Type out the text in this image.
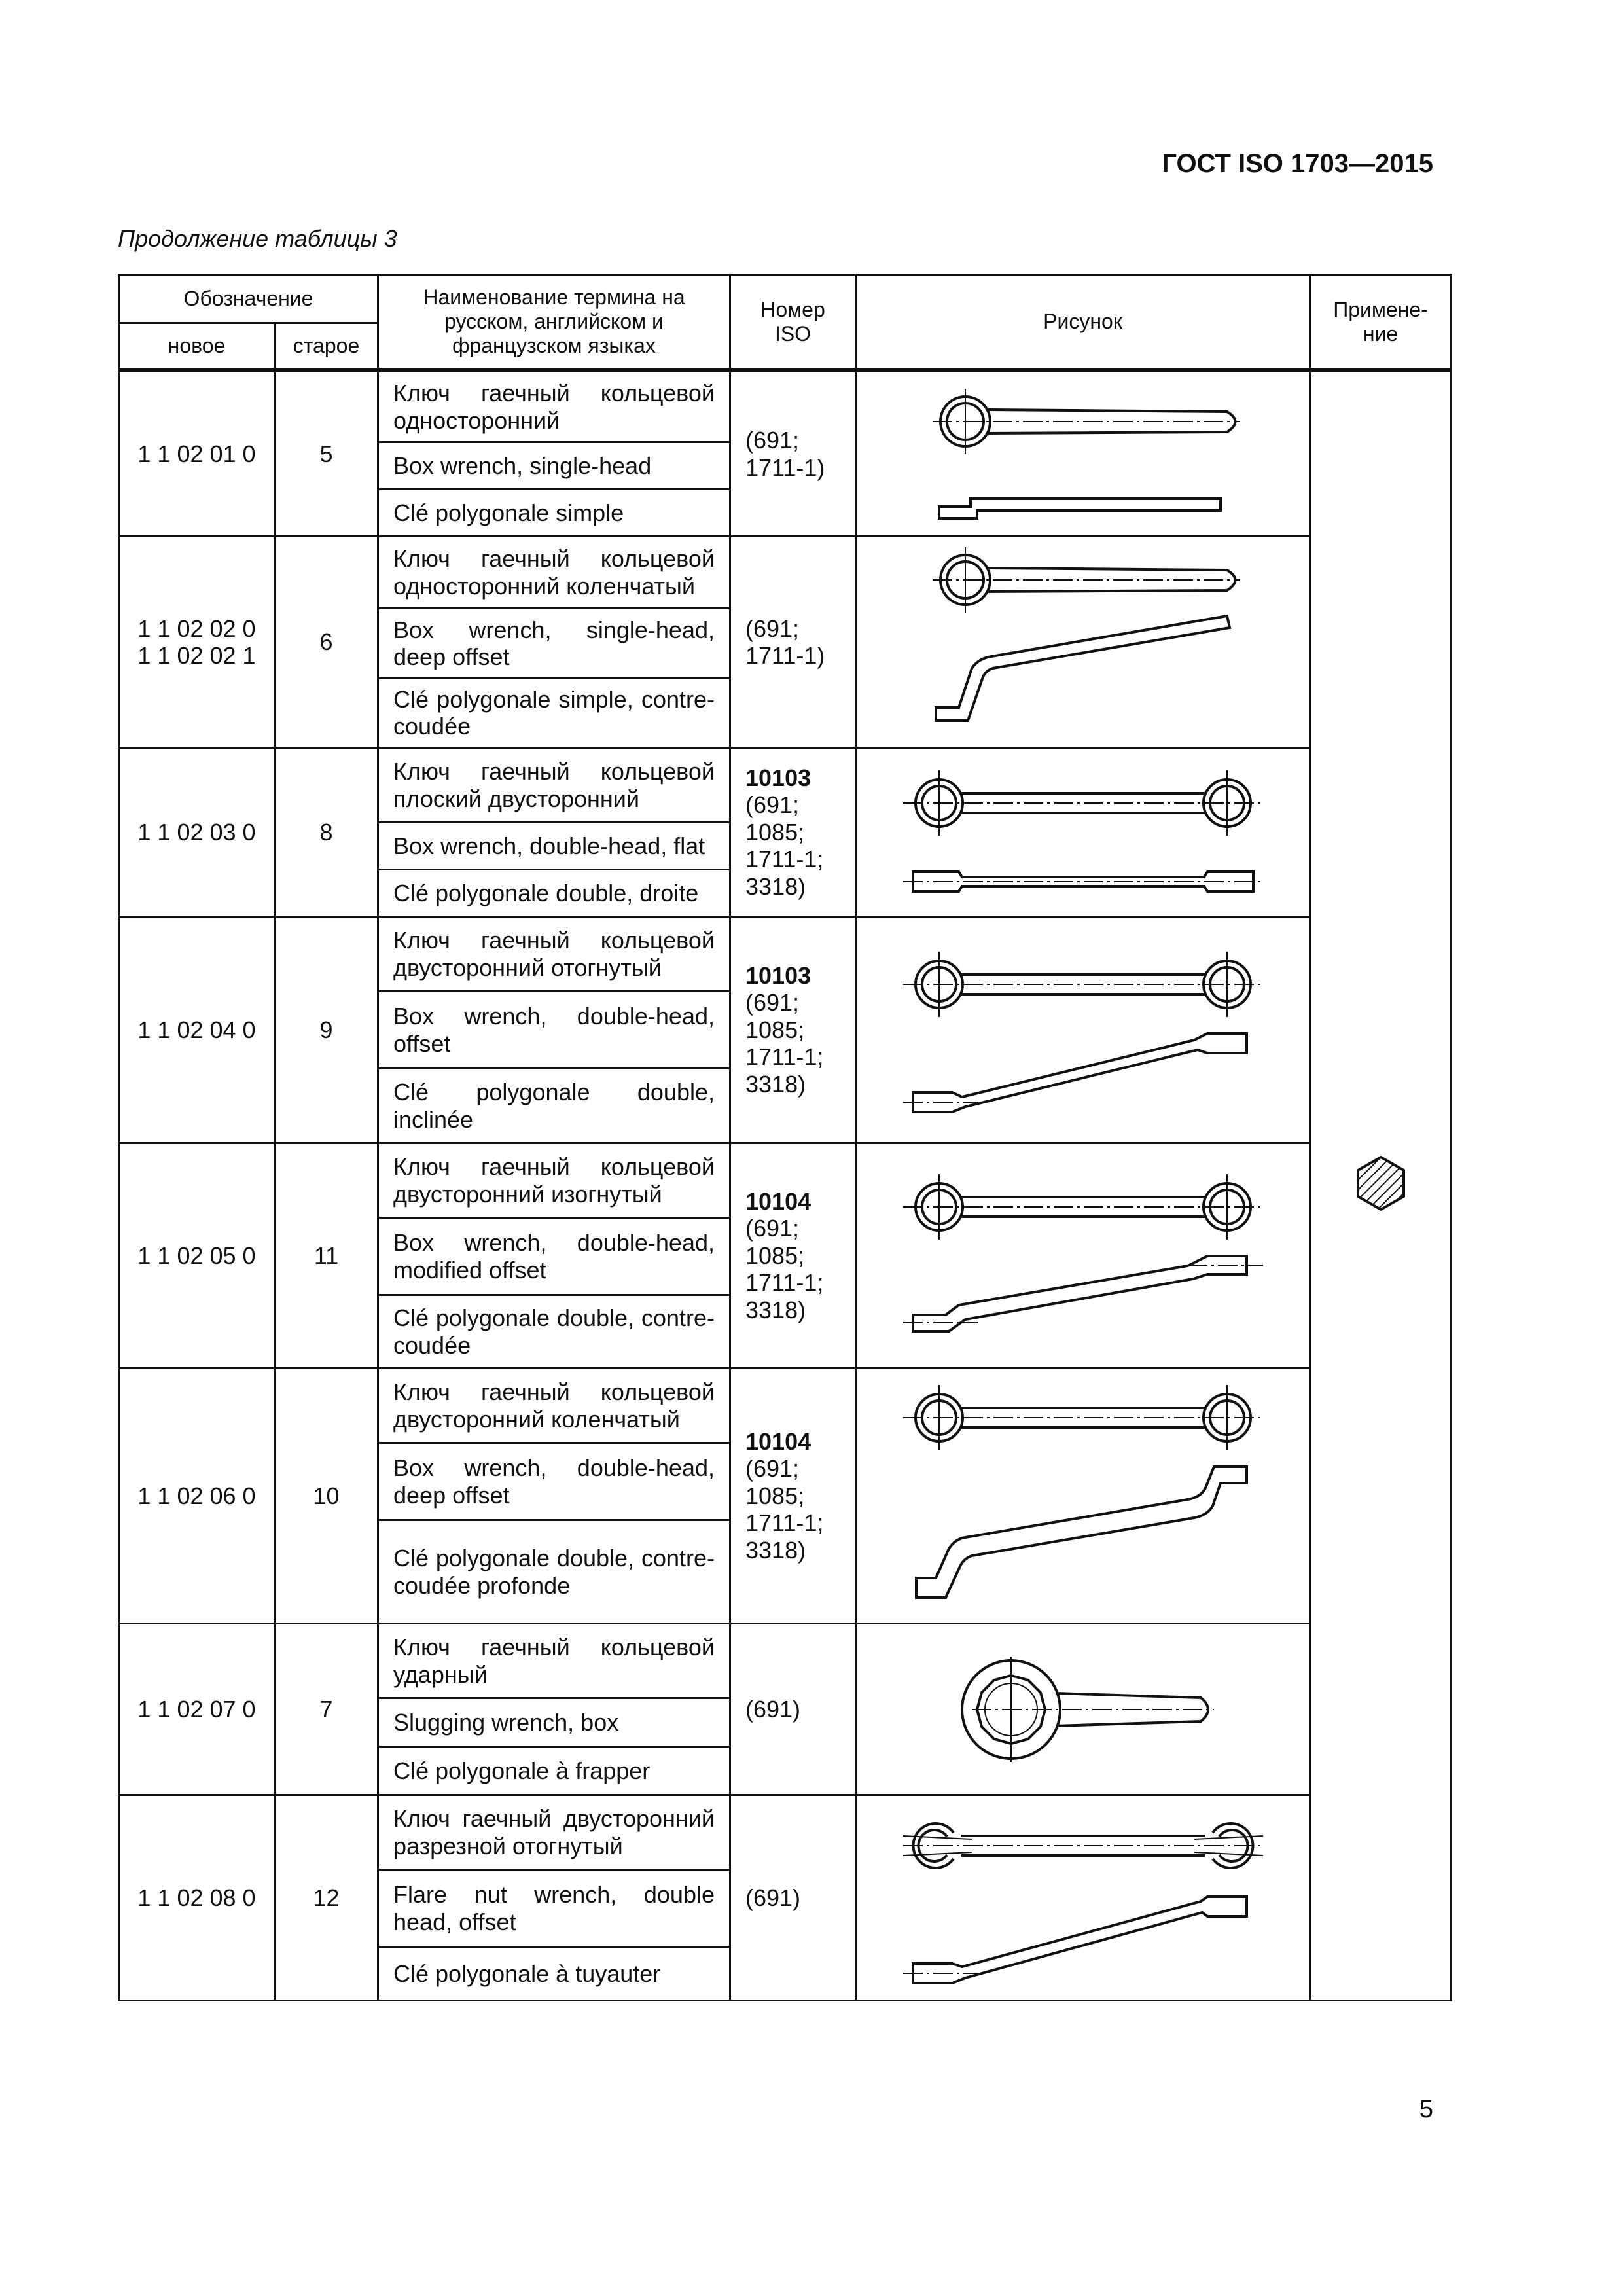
ГОСТ ISO 1703—2015
Продолжение таблицы 3
Обозначение		Наименование термина на русском, английском и французском языках	Номер ISO	Рисунок	Примене-ние
новое	старое				
1 1 02 01 0	5	Ключ гаечный кольцевой односторонний	(691; 1711-1)

		Box wrench, single-head			
		Clé polygonale simple			
1 1 02 02 0
1 1 02 02 1	6	Ключ гаечный кольцевой односторонний коленчатый	(691; 1711-1)

		Box wrench, single-head, deep offset			
		Clé polygonale simple, contre-coudée			
1 1 02 03 0	8	Ключ гаечный кольцевой плоский двусторонний	10103
(691; 1085; 1711-1; 3318)

		Box wrench, double-head, flat			
		Clé polygonale double, droite			
1 1 02 04 0	9	Ключ гаечный кольцевой двусторонний отогнутый	10103
(691; 1085; 1711-1; 3318)

		Box wrench, double-head, offset			
		Clé polygonale double, inclinée			
1 1 02 05 0	11	Ключ гаечный кольцевой двусторонний изогнутый	10104
(691; 1085; 1711-1; 3318)

		Box wrench, double-head, modified offset			
		Clé polygonale double, contre-coudée			
1 1 02 06 0	10	Ключ гаечный кольцевой двусторонний коленчатый	10104
(691; 1085; 1711-1; 3318)

		Box wrench, double-head, deep offset			
		Clé polygonale double, contre-coudée profonde			
1 1 02 07 0	7	Ключ гаечный кольцевой ударный	(691)

		Slugging wrench, box			
		Clé polygonale à frapper			
1 1 02 08 0	12	Ключ гаечный двусторонний разрезной отогнутый	(691)

		Flare nut wrench, double head, offset			
		Clé polygonale à tuyauter			
5
